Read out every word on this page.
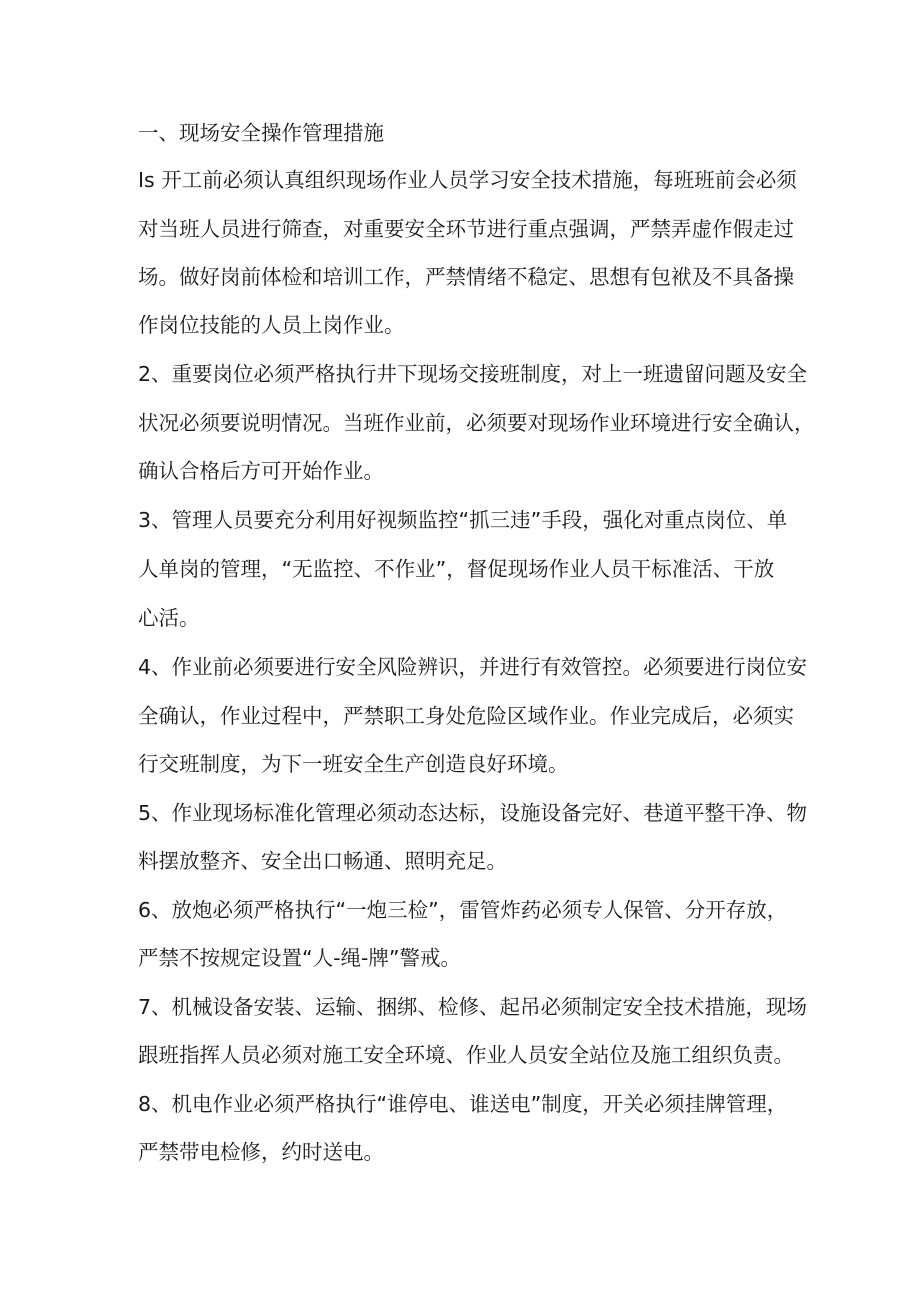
一、现场安全操作管理措施
Is 开工前必须认真组织现场作业人员学习安全技术措施，每班班前会必须
对当班人员进行筛查，对重要安全环节进行重点强调，严禁弄虚作假走过
场。做好岗前体检和培训工作，严禁情绪不稳定、思想有包袱及不具备操
作岗位技能的人员上岗作业。
2、重要岗位必须严格执行井下现场交接班制度，对上一班遗留问题及安全
状况必须要说明情况。当班作业前，必须要对现场作业环境进行安全确认，
确认合格后方可开始作业。
3、管理人员要充分利用好视频监控“抓三违”手段，强化对重点岗位、单
人单岗的管理，“无监控、不作业”，督促现场作业人员干标准活、干放
心活。
4、作业前必须要进行安全风险辨识，并进行有效管控。必须要进行岗位安
全确认，作业过程中，严禁职工身处危险区域作业。作业完成后，必须实
行交班制度，为下一班安全生产创造良好环境。
5、作业现场标准化管理必须动态达标，设施设备完好、巷道平整干净、物
料摆放整齐、安全出口畅通、照明充足。
6、放炮必须严格执行“一炮三检”，雷管炸药必须专人保管、分开存放，
严禁不按规定设置“人-绳-牌”警戒。
7、机械设备安装、运输、捆绑、检修、起吊必须制定安全技术措施，现场
跟班指挥人员必须对施工安全环境、作业人员安全站位及施工组织负责。
8、机电作业必须严格执行“谁停电、谁送电”制度，开关必须挂牌管理，
严禁带电检修，约时送电。
